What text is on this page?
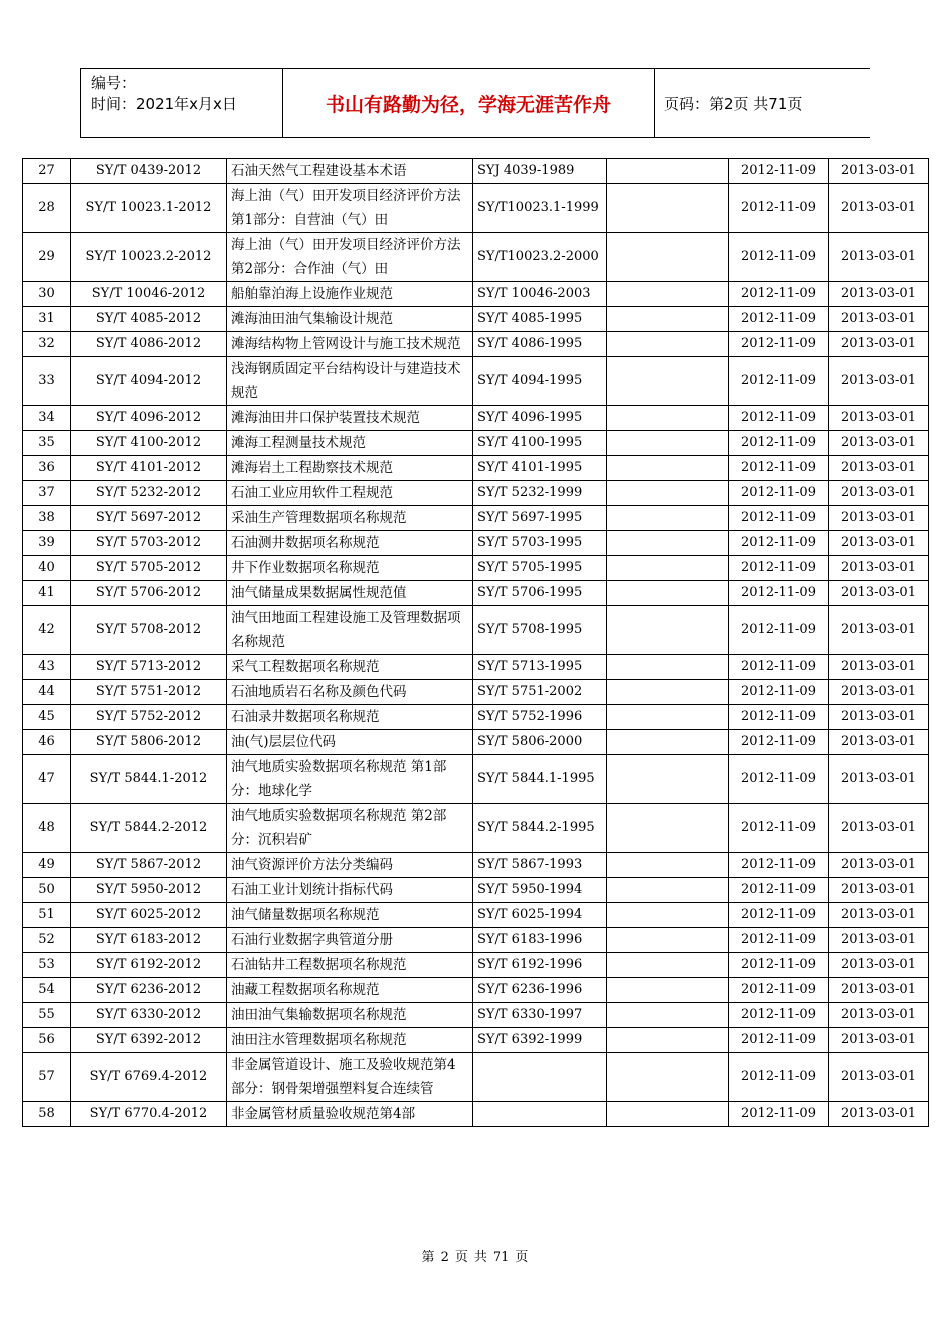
编号：
时间：2021年x月x日	书山有路勤为径，学海无涯苦作舟	页码：第2页 共71页
27	SY/T 0439-2012	石油天然气工程建设基本术语	SYJ 4039-1989		2012-11-09	2013-03-01
28	SY/T 10023.1-2012	海上油（气）田开发项目经济评价方法第1部分：自营油（气）田	SY/T10023.1-1999		2012-11-09	2013-03-01
29	SY/T 10023.2-2012	海上油（气）田开发项目经济评价方法第2部分：合作油（气）田	SY/T10023.2-2000		2012-11-09	2013-03-01
30	SY/T 10046-2012	船舶靠泊海上设施作业规范	SY/T 10046-2003		2012-11-09	2013-03-01
31	SY/T 4085-2012	滩海油田油气集输设计规范	SY/T 4085-1995		2012-11-09	2013-03-01
32	SY/T 4086-2012	滩海结构物上管网设计与施工技术规范	SY/T 4086-1995		2012-11-09	2013-03-01
33	SY/T 4094-2012	浅海钢质固定平台结构设计与建造技术规范	SY/T 4094-1995		2012-11-09	2013-03-01
34	SY/T 4096-2012	滩海油田井口保护装置技术规范	SY/T 4096-1995		2012-11-09	2013-03-01
35	SY/T 4100-2012	滩海工程测量技术规范	SY/T 4100-1995		2012-11-09	2013-03-01
36	SY/T 4101-2012	滩海岩土工程勘察技术规范	SY/T 4101-1995		2012-11-09	2013-03-01
37	SY/T 5232-2012	石油工业应用软件工程规范	SY/T 5232-1999		2012-11-09	2013-03-01
38	SY/T 5697-2012	采油生产管理数据项名称规范	SY/T 5697-1995		2012-11-09	2013-03-01
39	SY/T 5703-2012	石油测井数据项名称规范	SY/T 5703-1995		2012-11-09	2013-03-01
40	SY/T 5705-2012	井下作业数据项名称规范	SY/T 5705-1995		2012-11-09	2013-03-01
41	SY/T 5706-2012	油气储量成果数据属性规范值	SY/T 5706-1995		2012-11-09	2013-03-01
42	SY/T 5708-2012	油气田地面工程建设施工及管理数据项名称规范	SY/T 5708-1995		2012-11-09	2013-03-01
43	SY/T 5713-2012	采气工程数据项名称规范	SY/T 5713-1995		2012-11-09	2013-03-01
44	SY/T 5751-2012	石油地质岩石名称及颜色代码	SY/T 5751-2002		2012-11-09	2013-03-01
45	SY/T 5752-2012	石油录井数据项名称规范	SY/T 5752-1996		2012-11-09	2013-03-01
46	SY/T 5806-2012	油(气)层层位代码	SY/T 5806-2000		2012-11-09	2013-03-01
47	SY/T 5844.1-2012	油气地质实验数据项名称规范 第1部分：地球化学	SY/T 5844.1-1995		2012-11-09	2013-03-01
48	SY/T 5844.2-2012	油气地质实验数据项名称规范 第2部分：沉积岩矿	SY/T 5844.2-1995		2012-11-09	2013-03-01
49	SY/T 5867-2012	油气资源评价方法分类编码	SY/T 5867-1993		2012-11-09	2013-03-01
50	SY/T 5950-2012	石油工业计划统计指标代码	SY/T 5950-1994		2012-11-09	2013-03-01
51	SY/T 6025-2012	油气储量数据项名称规范	SY/T 6025-1994		2012-11-09	2013-03-01
52	SY/T 6183-2012	石油行业数据字典管道分册	SY/T 6183-1996		2012-11-09	2013-03-01
53	SY/T 6192-2012	石油钻井工程数据项名称规范	SY/T 6192-1996		2012-11-09	2013-03-01
54	SY/T 6236-2012	油藏工程数据项名称规范	SY/T 6236-1996		2012-11-09	2013-03-01
55	SY/T 6330-2012	油田油气集输数据项名称规范	SY/T 6330-1997		2012-11-09	2013-03-01
56	SY/T 6392-2012	油田注水管理数据项名称规范	SY/T 6392-1999		2012-11-09	2013-03-01
57	SY/T 6769.4-2012	非金属管道设计、施工及验收规范第4部分：钢骨架增强塑料复合连续管			2012-11-09	2013-03-01
58	SY/T 6770.4-2012	非金属管材质量验收规范第4部			2012-11-09	2013-03-01
第 2 页 共 71 页
